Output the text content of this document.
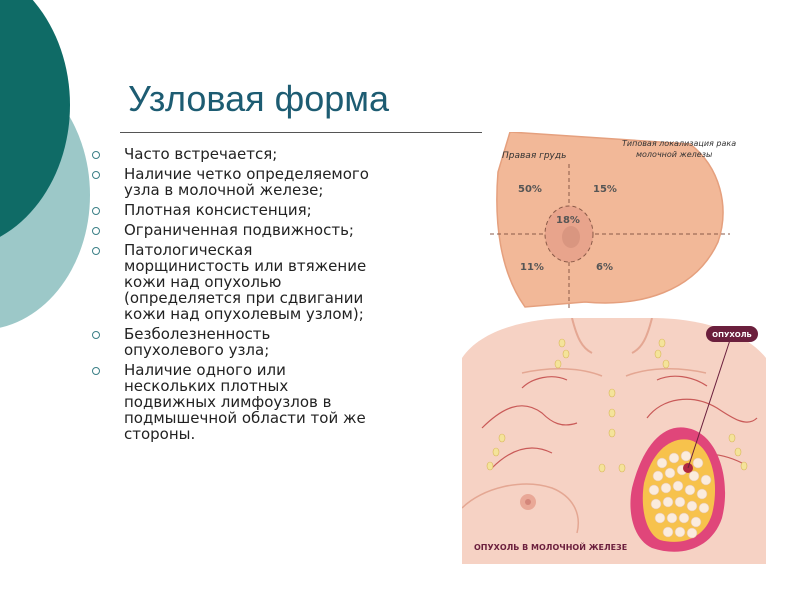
Узловая форма
Часто встречается;
Наличие четко определяемого
узла в молочной железе;
Плотная консистенция;
Ограниченная подвижность;
Патологическая
морщинистость или втяжение
кожи над опухолью
(определяется при сдвигании
кожи над опухолевым узлом);
Безболезненность
опухолевого узла;
Наличие одного или
нескольких плотных
подвижных лимфоузлов в
подмышечной области той же
стороны.
Правая грудь
Типовая локализация рака
молочной железы
50%	15%
18%
11%	6%
ОПУХОЛЬ
ОПУХОЛЬ В МОЛОЧНОЙ ЖЕЛЕЗЕ
